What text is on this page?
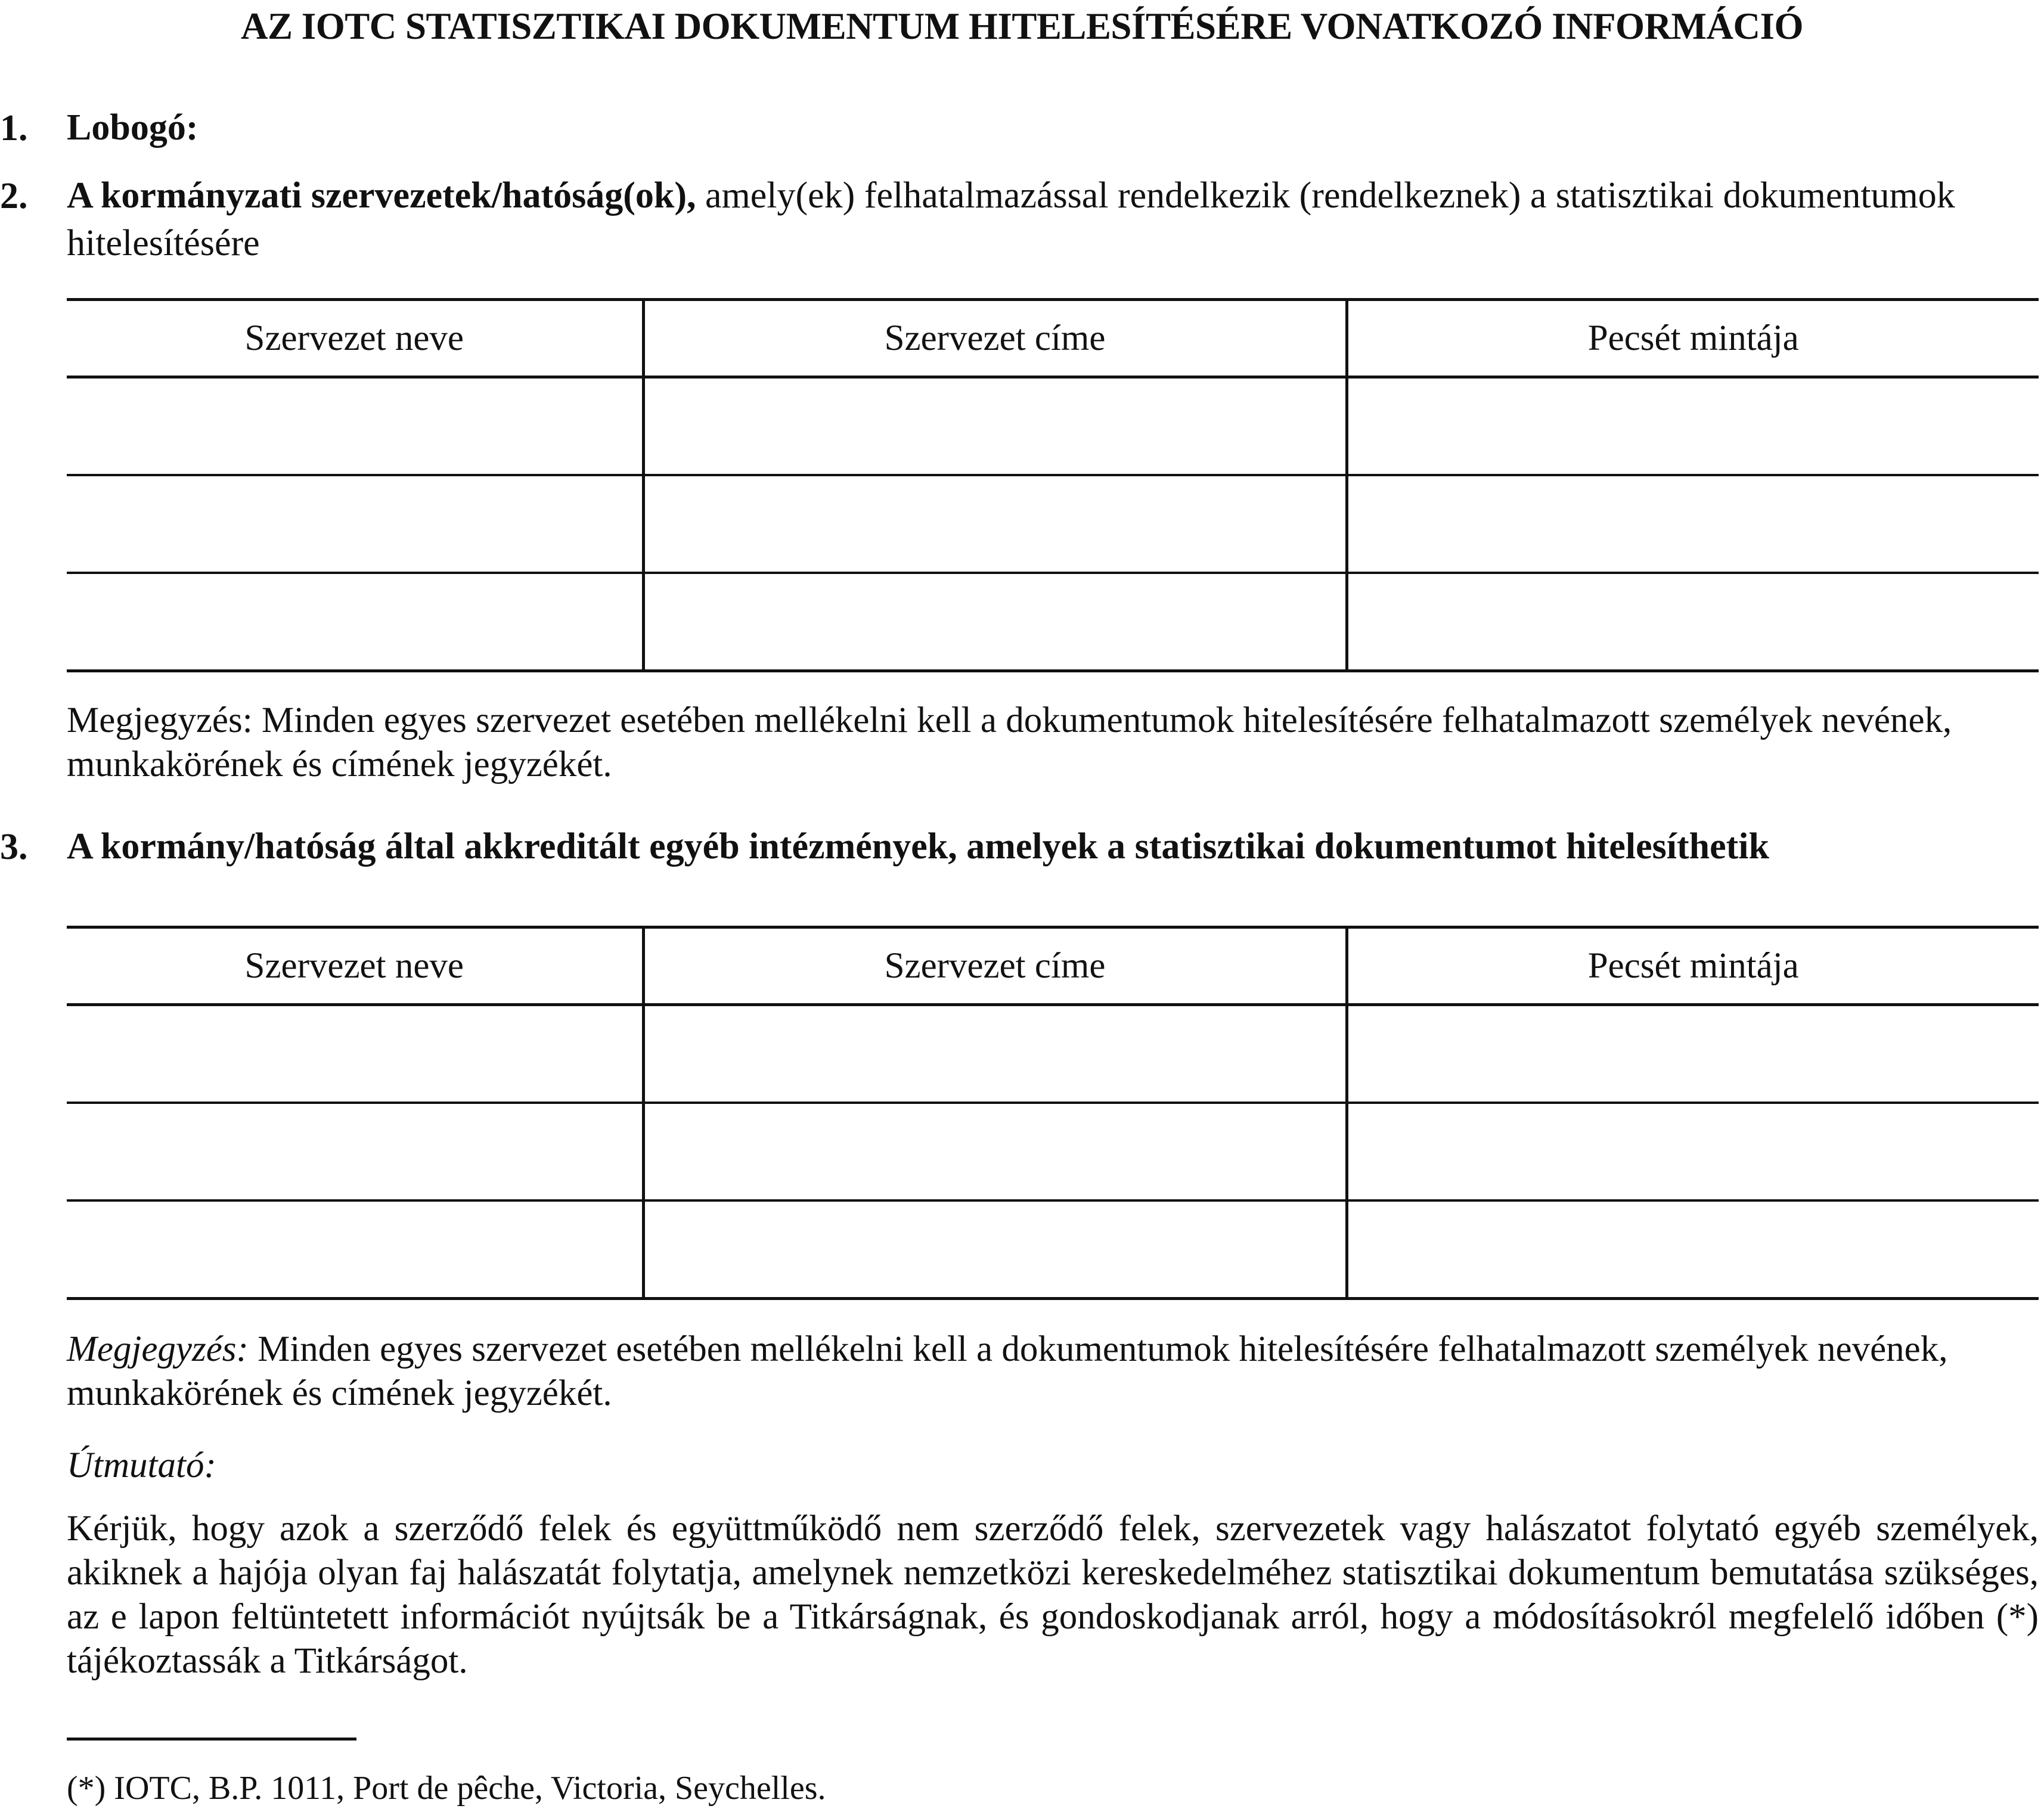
AZ IOTC STATISZTIKAI DOKUMENTUM HITELESÍTÉSÉRE VONATKOZÓ INFORMÁCIÓ
1. Lobogó:
2. A kormányzati szervezetek/hatóság(ok), amely(ek) felhatalmazással rendelkezik (rendelkeznek) a statisztikai dokumentumok hitelesítésére
Szervezet neve	Szervezet címe	Pecsét mintája

Megjegyzés: Minden egyes szervezet esetében mellékelni kell a dokumentumok hitelesítésére felhatalmazott személyek nevének, munkakörének és címének jegyzékét.
3. A kormány/hatóság által akkreditált egyéb intézmények, amelyek a statisztikai dokumentumot hitelesíthetik
Szervezet neve	Szervezet címe	Pecsét mintája

Megjegyzés: Minden egyes szervezet esetében mellékelni kell a dokumentumok hitelesítésére felhatalmazott személyek nevének, munkakörének és címének jegyzékét.
Útmutató:
Kérjük, hogy azok a szerződő felek és együttműködő nem szerződő felek, szervezetek vagy halászatot folytató egyéb személyek, akiknek a hajója olyan faj halászatát folytatja, amelynek nemzetközi kereskedelméhez statisztikai dokumentum bemutatása szükséges, az e lapon feltüntetett információt nyújtsák be a Titkárságnak, és gondoskodjanak arról, hogy a módosításokról megfelelő időben (*) tájékoztassák a Titkárságot.
(*) IOTC, B.P. 1011, Port de pêche, Victoria, Seychelles.
